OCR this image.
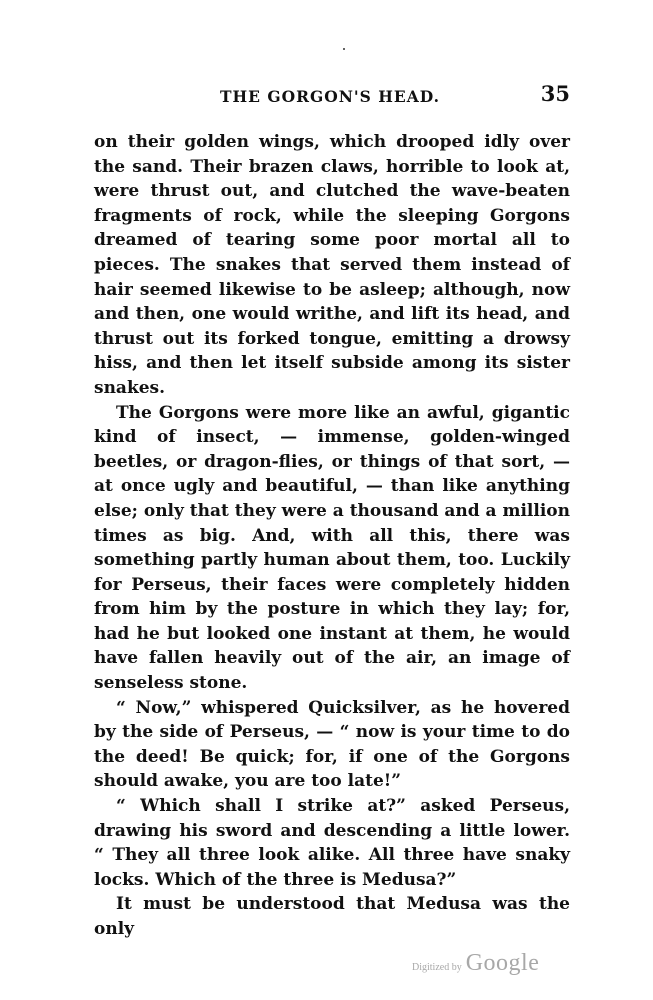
THE GORGON'S HEAD.	35

on their golden wings, which drooped idly over the sand. Their brazen claws, horrible to look at, were thrust out, and clutched the wave-beaten fragments of rock, while the sleeping Gorgons dreamed of tearing some poor mortal all to pieces. The snakes that served them instead of hair seemed likewise to be asleep; although, now and then, one would writhe, and lift its head, and thrust out its forked tongue, emitting a drowsy hiss, and then let itself subside among its sister snakes.

The Gorgons were more like an awful, gigantic kind of insect, — immense, golden-winged beetles, or dragon-flies, or things of that sort, — at once ugly and beautiful, — than like anything else; only that they were a thousand and a million times as big. And, with all this, there was something partly human about them, too. Luckily for Perseus, their faces were completely hidden from him by the posture in which they lay; for, had he but looked one instant at them, he would have fallen heavily out of the air, an image of senseless stone.

“ Now,” whispered Quicksilver, as he hovered by the side of Perseus, — “ now is your time to do the deed! Be quick; for, if one of the Gorgons should awake, you are too late!”

“ Which shall I strike at?” asked Perseus, drawing his sword and descending a little lower. “ They all three look alike. All three have snaky locks. Which of the three is Medusa?”

It must be understood that Medusa was the only

Digitized by Google
